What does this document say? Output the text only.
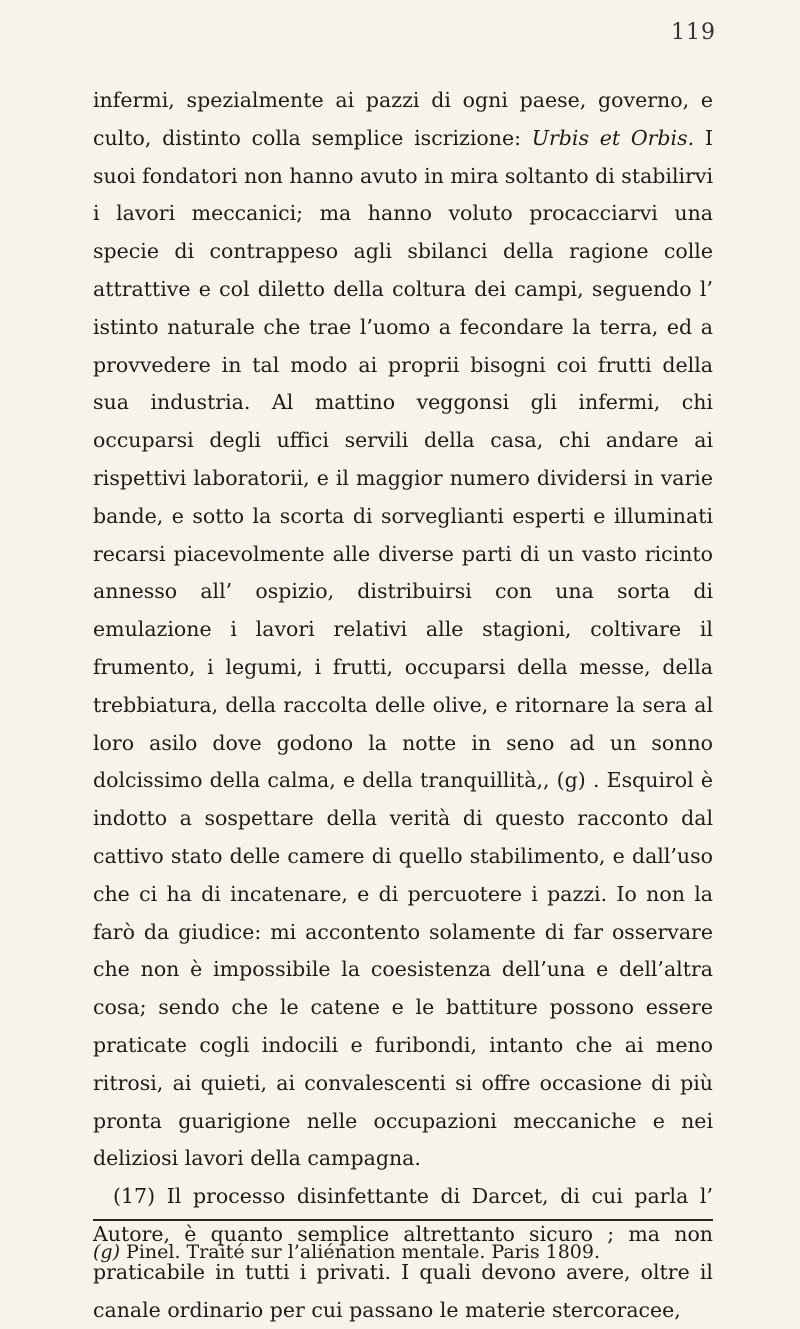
119

infermi, spezialmente ai pazzi di ogni paese, governo, e culto, distinto colla semplice iscrizione: Urbis et Orbis. I suoi fondatori non hanno avuto in mira soltanto di stabilirvi i lavori meccanici; ma hanno voluto procacciarvi una specie di contrappeso agli sbilanci della ragione colle attrattive e col diletto della coltura dei campi, seguendo l’ istinto naturale che trae l’uomo a fecondare la terra, ed a provvedere in tal modo ai proprii bisogni coi frutti della sua industria. Al mattino veggonsi gli infermi, chi occuparsi degli uffici servili della casa, chi andare ai rispettivi laboratorii, e il maggior numero dividersi in varie bande, e sotto la scorta di sorveglianti esperti e illuminati recarsi piacevolmente alle diverse parti di un vasto ricinto annesso all’ ospizio, distribuirsi con una sorta di emulazione i lavori relativi alle stagioni, coltivare il frumento, i legumi, i frutti, occuparsi della messe, della trebbiatura, della raccolta delle olive, e ritornare la sera al loro asilo dove godono la notte in seno ad un sonno dolcissimo della calma, e della tranquillità,, (g) . Esquirol è indotto a sospettare della verità di questo racconto dal cattivo stato delle camere di quello stabilimento, e dall’uso che ci ha di incatenare, e di percuotere i pazzi. Io non la farò da giudice: mi accontento solamente di far osservare che non è impossibile la coesistenza dell’una e dell’altra cosa; sendo che le catene e le battiture possono essere praticate cogli indocili e furibondi, intanto che ai meno ritrosi, ai quieti, ai convalescenti si offre occasione di più pronta guarigione nelle occupazioni meccaniche e nei deliziosi lavori della campagna.

(17) Il processo disinfettante di Darcet, di cui parla l’ Autore, è quanto semplice altrettanto sicuro ; ma non praticabile in tutti i privati. I quali devono avere, oltre il canale ordinario per cui passano le materie stercoracee,

(g) Pinel. Traité sur l’aliénation mentale. Paris 1809.
